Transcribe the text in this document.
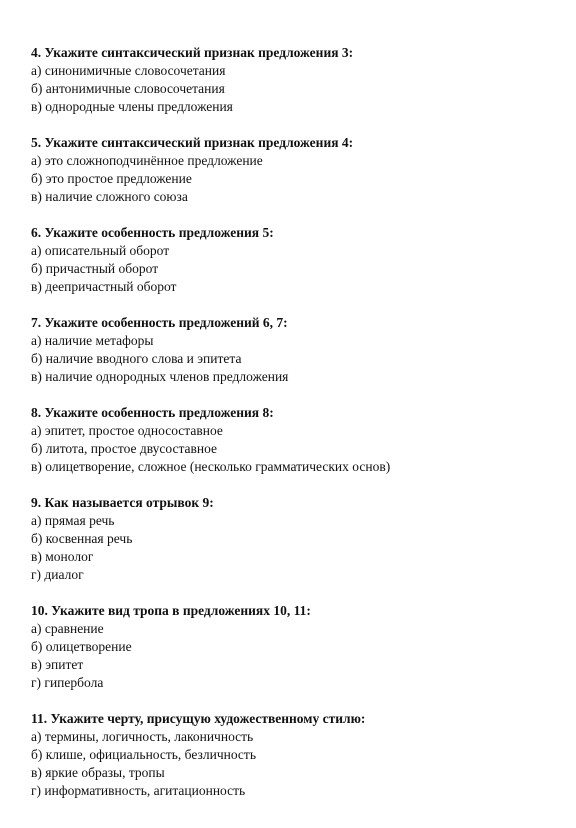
4. Укажите синтаксический признак предложения 3:
а) синонимичные словосочетания
б) антонимичные словосочетания
в) однородные члены предложения
5. Укажите синтаксический признак предложения 4:
а) это сложноподчинённое предложение
б) это простое предложение
в) наличие сложного союза
6. Укажите особенность предложения 5:
а) описательный оборот
б) причастный оборот
в) деепричастный оборот
7. Укажите особенность предложений 6, 7:
а) наличие метафоры
б) наличие вводного слова и эпитета
в) наличие однородных членов предложения
8. Укажите особенность предложения 8:
а) эпитет, простое односоставное
б) литота, простое двусоставное
в) олицетворение, сложное (несколько грамматических основ)
9. Как называется отрывок 9:
а) прямая речь
б) косвенная речь
в) монолог
г) диалог
10. Укажите вид тропа в предложениях 10, 11:
а) сравнение
б) олицетворение
в) эпитет
г) гипербола
11. Укажите черту, присущую художественному стилю:
а) термины, логичность, лаконичность
б) клише, официальность, безличность
в) яркие образы, тропы
г) информативность, агитационность
